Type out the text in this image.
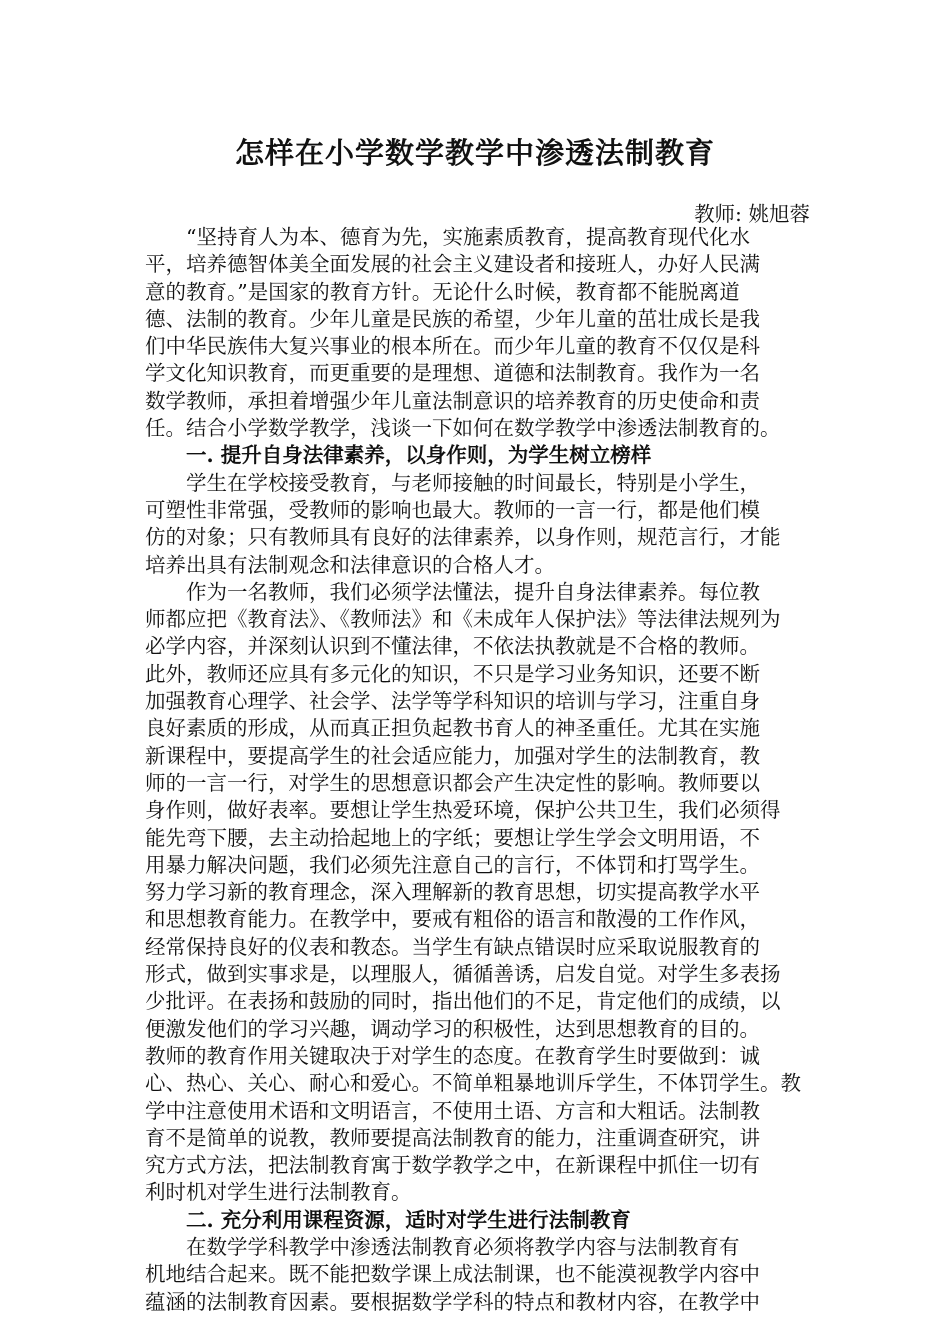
怎样在小学数学教学中渗透法制教育
教师: 姚旭蓉
　　“坚持育人为本、德育为先，实施素质教育，提高教育现代化水
平，培养德智体美全面发展的社会主义建设者和接班人，办好人民满
意的教育。”是国家的教育方针。无论什么时候，教育都不能脱离道
德、法制的教育。少年儿童是民族的希望，少年儿童的茁壮成长是我
们中华民族伟大复兴事业的根本所在。而少年儿童的教育不仅仅是科
学文化知识教育，而更重要的是理想、道德和法制教育。我作为一名
数学教师，承担着增强少年儿童法制意识的培养教育的历史使命和责
任。结合小学数学教学，浅谈一下如何在数学教学中渗透法制教育的。
　　一. 提升自身法律素养，以身作则，为学生树立榜样
　　学生在学校接受教育，与老师接触的时间最长，特别是小学生，
可塑性非常强，受教师的影响也最大。教师的一言一行，都是他们模
仿的对象；只有教师具有良好的法律素养，以身作则，规范言行，才能
培养出具有法制观念和法律意识的合格人才。
　　作为一名教师，我们必须学法懂法，提升自身法律素养。每位教
师都应把《教育法》、《教师法》和《未成年人保护法》等法律法规列为
必学内容，并深刻认识到不懂法律，不依法执教就是不合格的教师。
此外，教师还应具有多元化的知识，不只是学习业务知识，还要不断
加强教育心理学、社会学、法学等学科知识的培训与学习，注重自身
良好素质的形成，从而真正担负起教书育人的神圣重任。尤其在实施
新课程中，要提高学生的社会适应能力，加强对学生的法制教育，教
师的一言一行，对学生的思想意识都会产生决定性的影响。教师要以
身作则，做好表率。要想让学生热爱环境，保护公共卫生，我们必须得
能先弯下腰，去主动拾起地上的字纸；要想让学生学会文明用语，不
用暴力解决问题，我们必须先注意自己的言行，不体罚和打骂学生。
努力学习新的教育理念，深入理解新的教育思想，切实提高教学水平
和思想教育能力。在教学中，要戒有粗俗的语言和散漫的工作作风，
经常保持良好的仪表和教态。当学生有缺点错误时应采取说服教育的
形式，做到实事求是，以理服人，循循善诱，启发自觉。对学生多表扬
少批评。在表扬和鼓励的同时，指出他们的不足，肯定他们的成绩，以
便激发他们的学习兴趣，调动学习的积极性，达到思想教育的目的。
教师的教育作用关键取决于对学生的态度。在教育学生时要做到：诚
心、热心、关心、耐心和爱心。不简单粗暴地训斥学生，不体罚学生。教
学中注意使用术语和文明语言，不使用土语、方言和大粗话。法制教
育不是简单的说教，教师要提高法制教育的能力，注重调查研究，讲
究方式方法，把法制教育寓于数学教学之中，在新课程中抓住一切有
利时机对学生进行法制教育。
　　二. 充分利用课程资源，适时对学生进行法制教育
　　在数学学科教学中渗透法制教育必须将教学内容与法制教育有
机地结合起来。既不能把数学课上成法制课，也不能漠视教学内容中
蕴涵的法制教育因素。要根据数学学科的特点和教材内容，在教学中
